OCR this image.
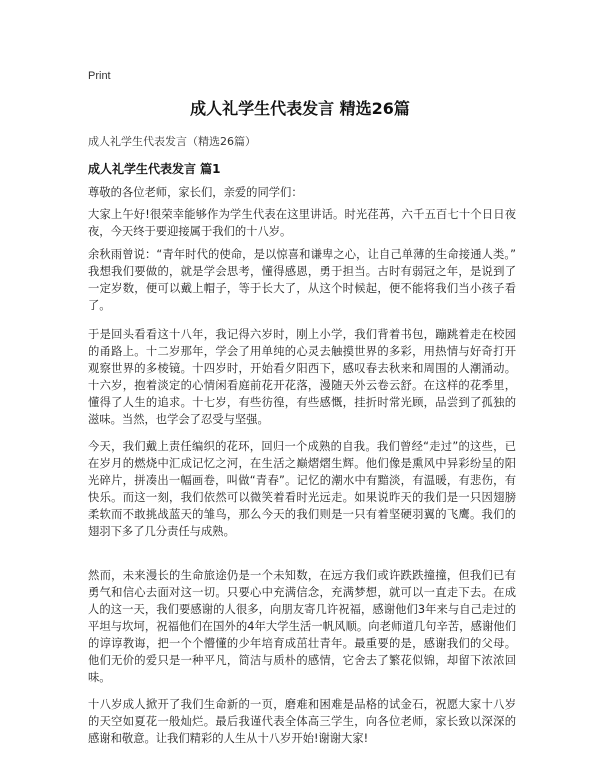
Print
成人礼学生代表发言 精选26篇
成人礼学生代表发言（精选26篇）
成人礼学生代表发言 篇1
尊敬的各位老师，家长们，亲爱的同学们：
大家上午好!很荣幸能够作为学生代表在这里讲话。时光荏苒，六千五百七十个日日夜夜，今天终于要迎接属于我们的十八岁。
余秋雨曾说：“青年时代的使命，是以惊喜和谦卑之心，让自己单薄的生命接通人类。” 我想我们要做的，就是学会思考，懂得感恩，勇于担当。古时有弱冠之年，是说到了一定岁数，便可以戴上帽子，等于长大了，从这个时候起，便不能将我们当小孩子看了。
于是回头看看这十八年，我记得六岁时，刚上小学，我们背着书包，蹦跳着走在校园的甬路上。十二岁那年，学会了用单纯的心灵去触摸世界的多彩，用热情与好奇打开观察世界的多棱镜。十四岁时，开始看夕阳西下，感叹春去秋来和周围的人潮涌动。十六岁，抱着淡定的心情闲看庭前花开花落，漫随天外云卷云舒。在这样的花季里，懂得了人生的追求。十七岁，有些彷徨，有些感慨，挂折时常光顾，品尝到了孤独的滋味。当然，也学会了忍受与坚强。
今天，我们戴上责任编织的花环，回归一个成熟的自我。我们曾经“走过”的这些，已在岁月的燃烧中汇成记忆之河，在生活之巅熠熠生辉。他们像是熏风中异彩纷呈的阳光碎片，拼凑出一幅画卷，叫做“青春”。记忆的潮水中有黯淡，有温暖，有悲伤，有快乐。而这一刻，我们依然可以微笑着看时光远走。如果说昨天的我们是一只因翅膀柔软而不敢挑战蓝天的雏鸟，那么今天的我们则是一只有着坚硬羽翼的飞鹰。我们的翅羽下多了几分责任与成熟。
然而，未来漫长的生命旅途仍是一个未知数，在远方我们或许跌跌撞撞，但我们已有勇气和信心去面对这一切。只要心中充满信念，充满梦想，就可以一直走下去。在成人的这一天，我们要感谢的人很多，向朋友寄几许祝福，感谢他们3年来与自己走过的平坦与坎坷，祝福他们在国外的4年大学生活一帆风顺。向老师道几句辛苦，感谢他们的谆谆教诲，把一个个懵懂的少年培育成茁壮青年。最重要的是，感谢我们的父母。他们无价的爱只是一种平凡，简洁与质朴的感情，它舍去了繁花似锦，却留下浓浓回味。
十八岁成人掀开了我们生命新的一页，磨难和困难是品格的试金石，祝愿大家十八岁的天空如夏花一般灿烂。最后我谨代表全体高三学生，向各位老师，家长致以深深的感谢和敬意。让我们精彩的人生从十八岁开始!谢谢大家!
